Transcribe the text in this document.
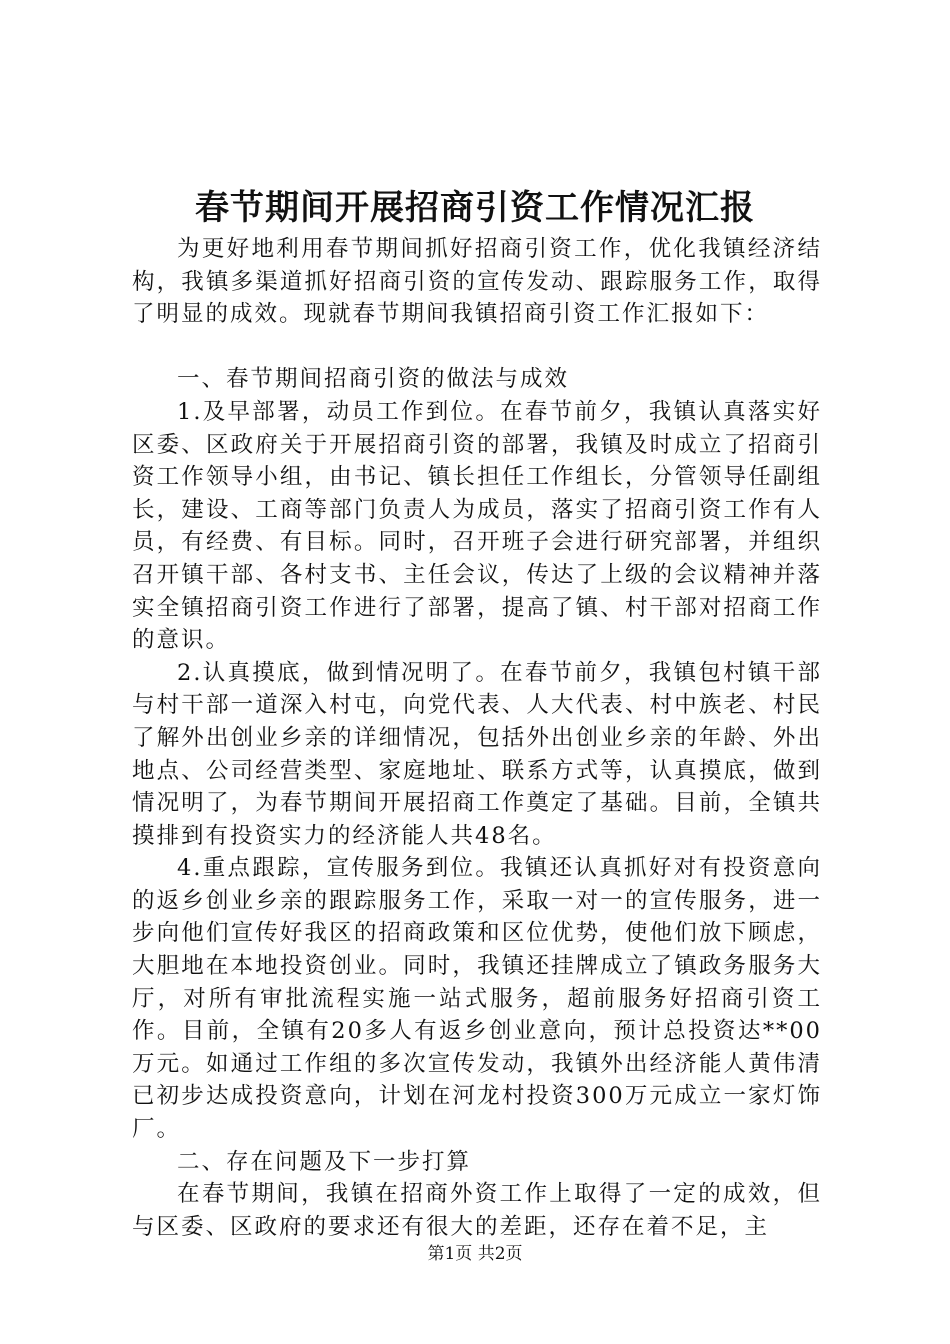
春节期间开展招商引资工作情况汇报

为更好地利用春节期间抓好招商引资工作，优化我镇经济结构，我镇多渠道抓好招商引资的宣传发动、跟踪服务工作，取得了明显的成效。现就春节期间我镇招商引资工作汇报如下：

一、春节期间招商引资的做法与成效

1.及早部署，动员工作到位。在春节前夕，我镇认真落实好区委、区政府关于开展招商引资的部署，我镇及时成立了招商引资工作领导小组，由书记、镇长担任工作组长，分管领导任副组长，建设、工商等部门负责人为成员，落实了招商引资工作有人员，有经费、有目标。同时，召开班子会进行研究部署，并组织召开镇干部、各村支书、主任会议，传达了上级的会议精神并落实全镇招商引资工作进行了部署，提高了镇、村干部对招商工作的意识。

2.认真摸底，做到情况明了。在春节前夕，我镇包村镇干部与村干部一道深入村屯，向党代表、人大代表、村中族老、村民了解外出创业乡亲的详细情况，包括外出创业乡亲的年龄、外出地点、公司经营类型、家庭地址、联系方式等，认真摸底，做到情况明了，为春节期间开展招商工作奠定了基础。目前，全镇共摸排到有投资实力的经济能人共48名。

4.重点跟踪，宣传服务到位。我镇还认真抓好对有投资意向的返乡创业乡亲的跟踪服务工作，采取一对一的宣传服务，进一步向他们宣传好我区的招商政策和区位优势，使他们放下顾虑，大胆地在本地投资创业。同时，我镇还挂牌成立了镇政务服务大厅，对所有审批流程实施一站式服务，超前服务好招商引资工作。目前，全镇有20多人有返乡创业意向，预计总投资达**00万元。如通过工作组的多次宣传发动，我镇外出经济能人黄伟清已初步达成投资意向，计划在河龙村投资300万元成立一家灯饰厂。

二、存在问题及下一步打算

在春节期间，我镇在招商外资工作上取得了一定的成效，但与区委、区政府的要求还有很大的差距，还存在着不足，主

第1页 共2页
